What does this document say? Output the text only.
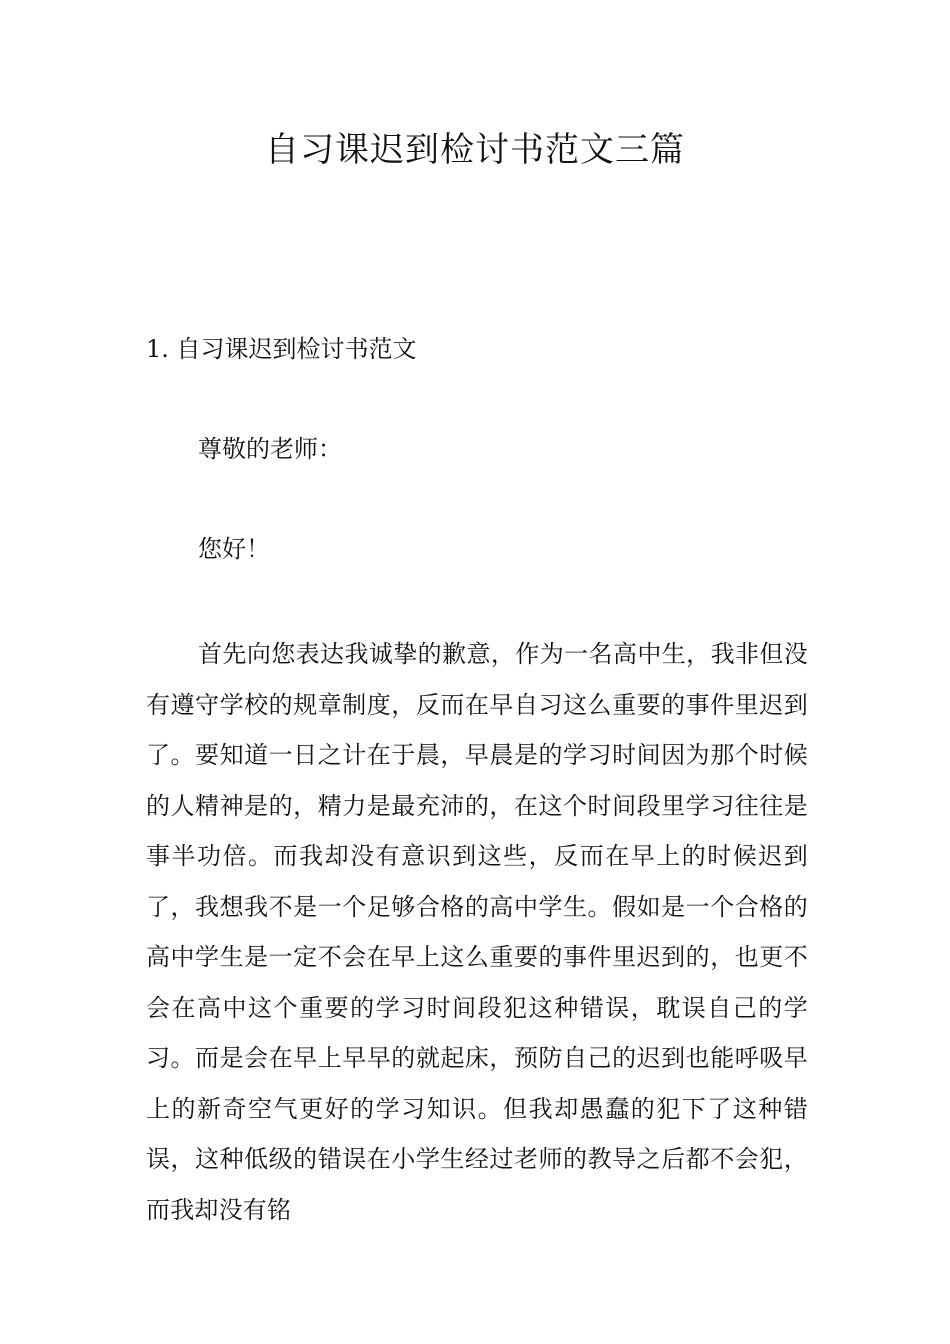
自习课迟到检讨书范文三篇
1. 自习课迟到检讨书范文

尊敬的老师：

您好！

首先向您表达我诚挚的歉意，作为一名高中生，我非但没有遵守学校的规章制度，反而在早自习这么重要的事件里迟到了。要知道一日之计在于晨，早晨是的学习时间因为那个时候的人精神是的，精力是最充沛的，在这个时间段里学习往往是事半功倍。而我却没有意识到这些，反而在早上的时候迟到了，我想我不是一个足够合格的高中学生。假如是一个合格的高中学生是一定不会在早上这么重要的事件里迟到的，也更不会在高中这个重要的学习时间段犯这种错误，耽误自己的学习。而是会在早上早早的就起床，预防自己的迟到也能呼吸早上的新奇空气更好的学习知识。但我却愚蠢的犯下了这种错误，这种低级的错误在小学生经过老师的教导之后都不会犯，而我却没有铭
